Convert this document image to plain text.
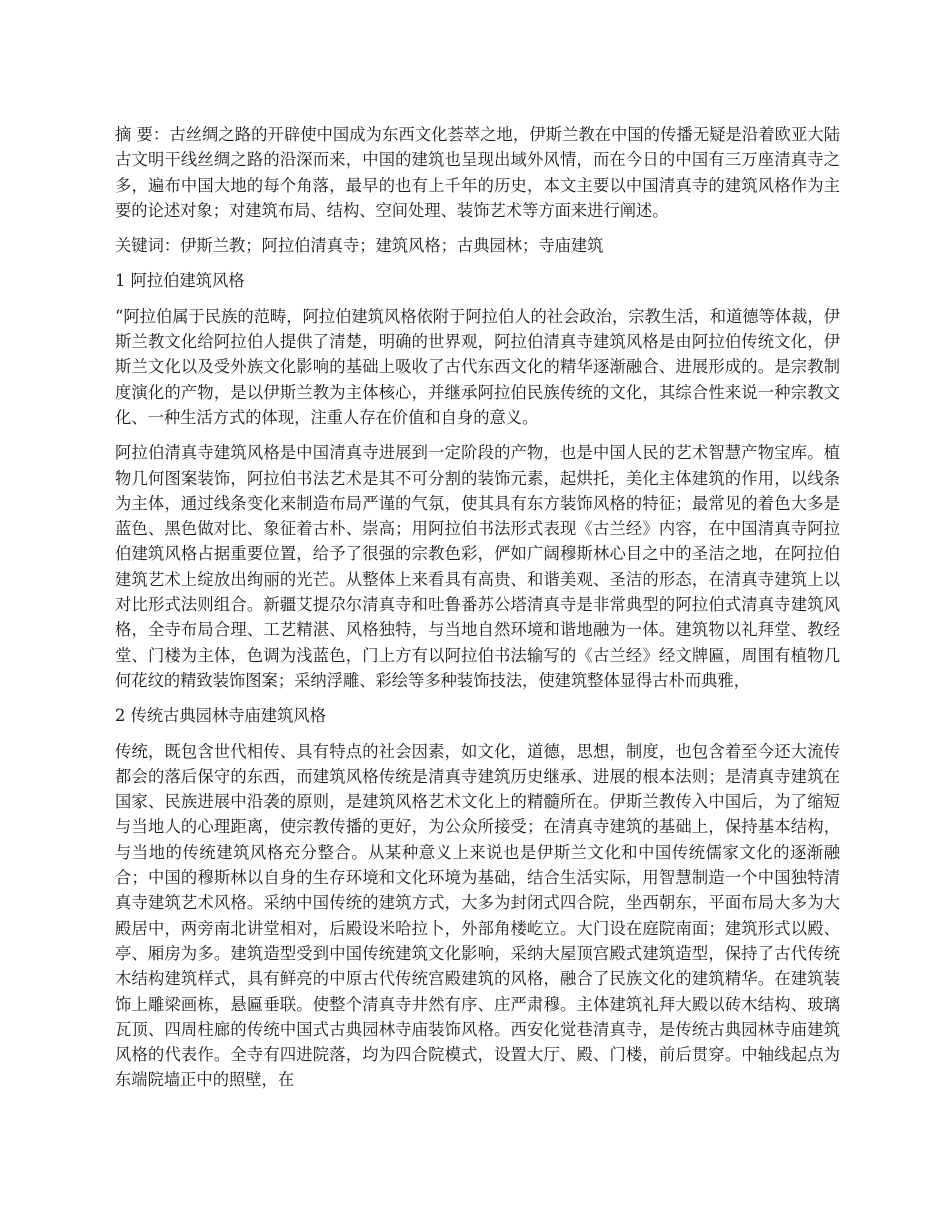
摘 要：古丝绸之路的开辟使中国成为东西文化荟萃之地，伊斯兰教在中国的传播无疑是沿着欧亚大陆古文明干线丝绸之路的沿深而来，中国的建筑也呈现出域外风情，而在今日的中国有三万座清真寺之多，遍布中国大地的每个角落，最早的也有上千年的历史，本文主要以中国清真寺的建筑风格作为主要的论述对象；对建筑布局、结构、空间处理、装饰艺术等方面来进行阐述。

关键词：伊斯兰教；阿拉伯清真寺；建筑风格；古典园林；寺庙建筑

1 阿拉伯建筑风格

“阿拉伯属于民族的范畴，阿拉伯建筑风格依附于阿拉伯人的社会政治，宗教生活，和道德等体裁，伊斯兰教文化给阿拉伯人提供了清楚，明确的世界观，阿拉伯清真寺建筑风格是由阿拉伯传统文化，伊斯兰文化以及受外族文化影响的基础上吸收了古代东西文化的精华逐渐融合、进展形成的。是宗教制度演化的产物，是以伊斯兰教为主体核心，并继承阿拉伯民族传统的文化，其综合性来说一种宗教文化、一种生活方式的体现，注重人存在价值和自身的意义。

阿拉伯清真寺建筑风格是中国清真寺进展到一定阶段的产物，也是中国人民的艺术智慧产物宝库。植物几何图案装饰，阿拉伯书法艺术是其不可分割的装饰元素，起烘托，美化主体建筑的作用，以线条为主体，通过线条变化来制造布局严谨的气氛，使其具有东方装饰风格的特征；最常见的着色大多是蓝色、黑色做对比、象征着古朴、崇高；用阿拉伯书法形式表现《古兰经》内容，在中国清真寺阿拉伯建筑风格占据重要位置，给予了很强的宗教色彩，俨如广阔穆斯林心目之中的圣洁之地，在阿拉伯建筑艺术上绽放出绚丽的光芒。从整体上来看具有高贵、和谐美观、圣洁的形态，在清真寺建筑上以对比形式法则组合。新疆艾提尕尔清真寺和吐鲁番苏公塔清真寺是非常典型的阿拉伯式清真寺建筑风格，全寺布局合理、工艺精湛、风格独特，与当地自然环境和谐地融为一体。建筑物以礼拜堂、教经堂、门楼为主体，色调为浅蓝色，门上方有以阿拉伯书法输写的《古兰经》经文牌匾，周围有植物几何花纹的精致装饰图案；采纳浮雕、彩绘等多种装饰技法，使建筑整体显得古朴而典雅，

2 传统古典园林寺庙建筑风格

传统，既包含世代相传、具有特点的社会因素，如文化，道德，思想，制度，也包含着至今还大流传都会的落后保守的东西，而建筑风格传统是清真寺建筑历史继承、进展的根本法则；是清真寺建筑在国家、民族进展中沿袭的原则，是建筑风格艺术文化上的精髓所在。伊斯兰教传入中国后，为了缩短与当地人的心理距离，使宗教传播的更好，为公众所接受；在清真寺建筑的基础上，保持基本结构，与当地的传统建筑风格充分整合。从某种意义上来说也是伊斯兰文化和中国传统儒家文化的逐渐融合；中国的穆斯林以自身的生存环境和文化环境为基础，结合生活实际，用智慧制造一个中国独特清真寺建筑艺术风格。采纳中国传统的建筑方式，大多为封闭式四合院，坐西朝东，平面布局大多为大殿居中，两旁南北讲堂相对，后殿设米哈拉卜，外部角楼屹立。大门设在庭院南面；建筑形式以殿、亭、厢房为多。建筑造型受到中国传统建筑文化影响，采纳大屋顶宫殿式建筑造型，保持了古代传统木结构建筑样式，具有鲜亮的中原古代传统宫殿建筑的风格，融合了民族文化的建筑精华。在建筑装饰上雕梁画栋，悬匾垂联。使整个清真寺井然有序、庄严肃穆。主体建筑礼拜大殿以砖木结构、玻璃瓦顶、四周柱廊的传统中国式古典园林寺庙装饰风格。西安化觉巷清真寺，是传统古典园林寺庙建筑风格的代表作。全寺有四进院落，均为四合院模式，设置大厅、殿、门楼，前后贯穿。中轴线起点为东端院墙正中的照壁，在
